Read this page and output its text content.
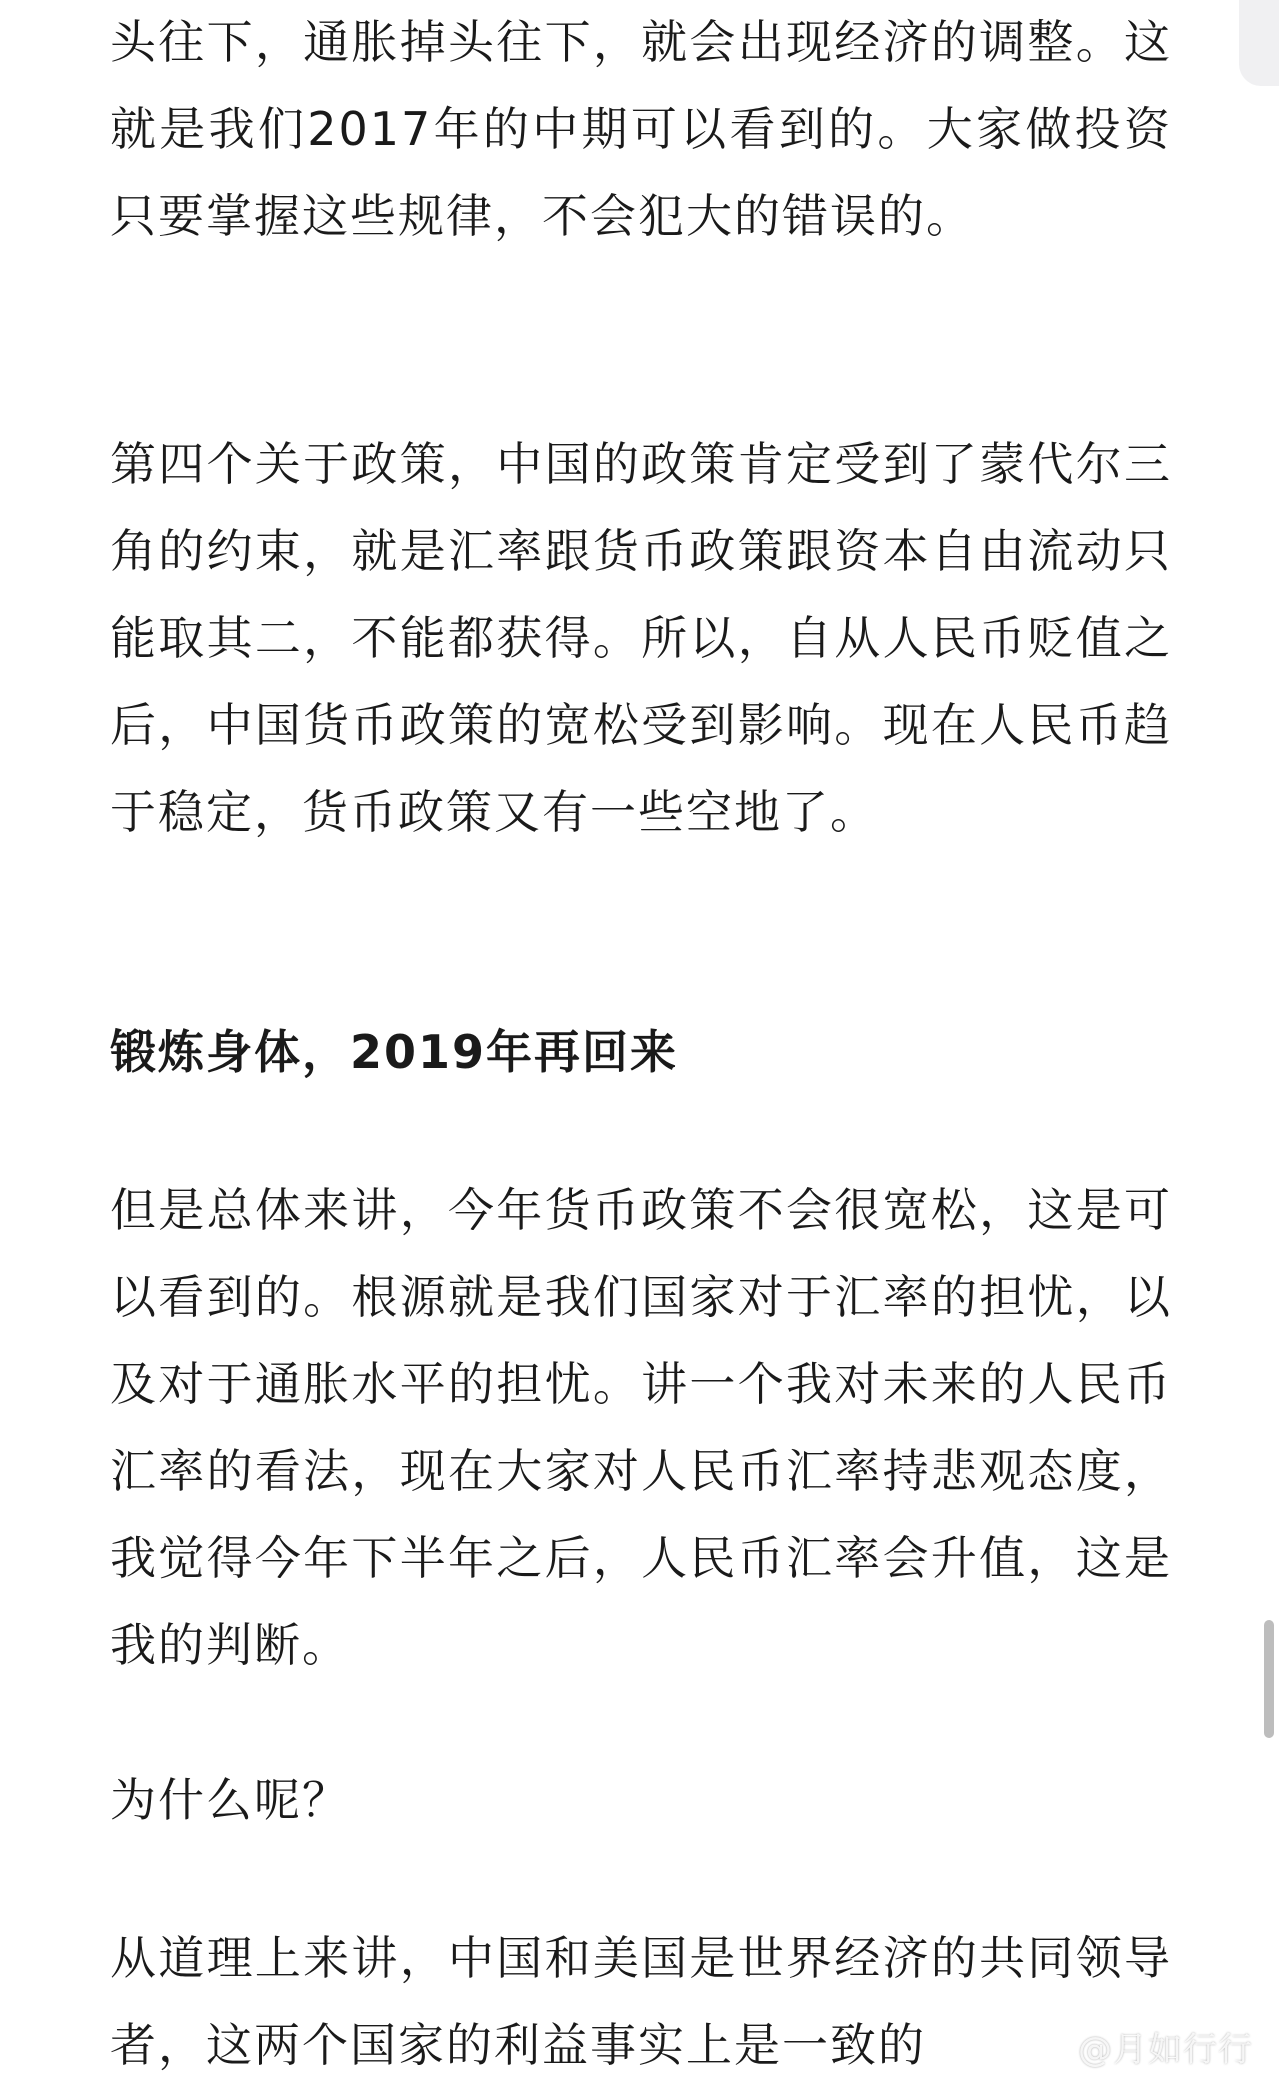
头往下，通胀掉头往下，就会出现经济的调整。这就是我们2017年的中期可以看到的。大家做投资只要掌握这些规律，不会犯大的错误的。

第四个关于政策，中国的政策肯定受到了蒙代尔三角的约束，就是汇率跟货币政策跟资本自由流动只能取其二，不能都获得。所以，自从人民币贬值之后，中国货币政策的宽松受到影响。现在人民币趋于稳定，货币政策又有一些空地了。

锻炼身体，2019年再回来

但是总体来讲，今年货币政策不会很宽松，这是可以看到的。根源就是我们国家对于汇率的担忧，以及对于通胀水平的担忧。讲一个我对未来的人民币汇率的看法，现在大家对人民币汇率持悲观态度，我觉得今年下半年之后，人民币汇率会升值，这是我的判断。

为什么呢？

从道理上来讲，中国和美国是世界经济的共同领导者，这两个国家的利益事实上是一致的	@月如行行
